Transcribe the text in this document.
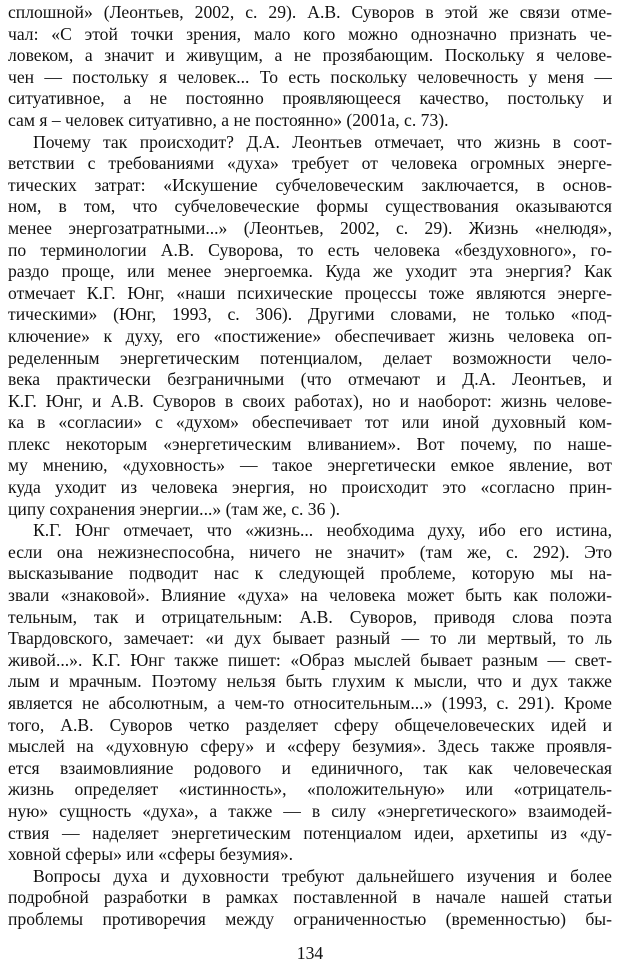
сплошной» (Леонтьев, 2002, с. 29). А.В. Суворов в этой же связи отме-
чал: «С этой точки зрения, мало кого можно однозначно признать че-
ловеком, а значит и живущим, а не прозябающим. Поскольку я челове-
чен — постольку я человек... То есть поскольку человечность у меня —
ситуативное, а не постоянно проявляющееся качество, постольку и
сам я – человек ситуативно, а не постоянно» (2001a, с. 73).
Почему так происходит? Д.А. Леонтьев отмечает, что жизнь в соот-
ветствии с требованиями «духа» требует от человека огромных энерге-
тических затрат: «Искушение субчеловеческим заключается, в основ-
ном, в том, что субчеловеческие формы существования оказываются
менее энергозатратными...» (Леонтьев, 2002, с. 29). Жизнь «нелюдя»,
по терминологии А.В. Суворова, то есть человека «бездуховного», го-
раздо проще, или менее энергоемка. Куда же уходит эта энергия? Как
отмечает К.Г. Юнг, «наши психические процессы тоже являются энерге-
тическими» (Юнг, 1993, с. 306). Другими словами, не только «под-
ключение» к духу, его «постижение» обеспечивает жизнь человека оп-
ределенным энергетическим потенциалом, делает возможности чело-
века практически безграничными (что отмечают и Д.А. Леонтьев, и
К.Г. Юнг, и А.В. Суворов в своих работах), но и наоборот: жизнь челове-
ка в «согласии» с «духом» обеспечивает тот или иной духовный ком-
плекс некоторым «энергетическим вливанием». Вот почему, по нашe-
му мнению, «духовность» — такое энергетически емкое явление, вот
куда уходит из человека энергия, но происходит это «согласно прин-
ципу сохранения энергии...» (там же, с. 36 ).
К.Г. Юнг отмечает, что «жизнь... необходима духу, ибо его истина,
если она нежизнеспособна, ничего не значит» (там же, с. 292). Это
высказывание подводит нас к следующей проблеме, которую мы на-
звали «знаковой». Влияние «духа» на человека может быть как положи-
тельным, так и отрицательным: А.В. Суворов, приводя слова поэта
Твардовского, замечает: «и дух бывает разный — то ли мертвый, то ль
живой...». К.Г. Юнг также пишет: «Образ мыслей бывает разным — свет-
лым и мрачным. Поэтому нельзя быть глухим к мысли, что и дух также
является не абсолютным, а чем-то относительным...» (1993, с. 291). Кроме
того, А.В. Суворов четко разделяет сферу общечеловеческих идей и
мыслей на «духовную сферу» и «сферу безумия». Здесь также проявля-
ется взаимовлияние родового и единичного, так как человеческая
жизнь определяет «истинность», «положительную» или «отрицатель-
ную» сущность «духа», а также — в силу «энергетического» взаимодей-
ствия — наделяет энергетическим потенциалом идеи, архетипы из «ду-
ховной сферы» или «сферы безумия».
Вопросы духа и духовности требуют дальнейшего изучения и более
подробной разработки в рамках поставленной в начале нашей статьи
проблемы противоречия между ограниченностью (временностью) бы-
134
